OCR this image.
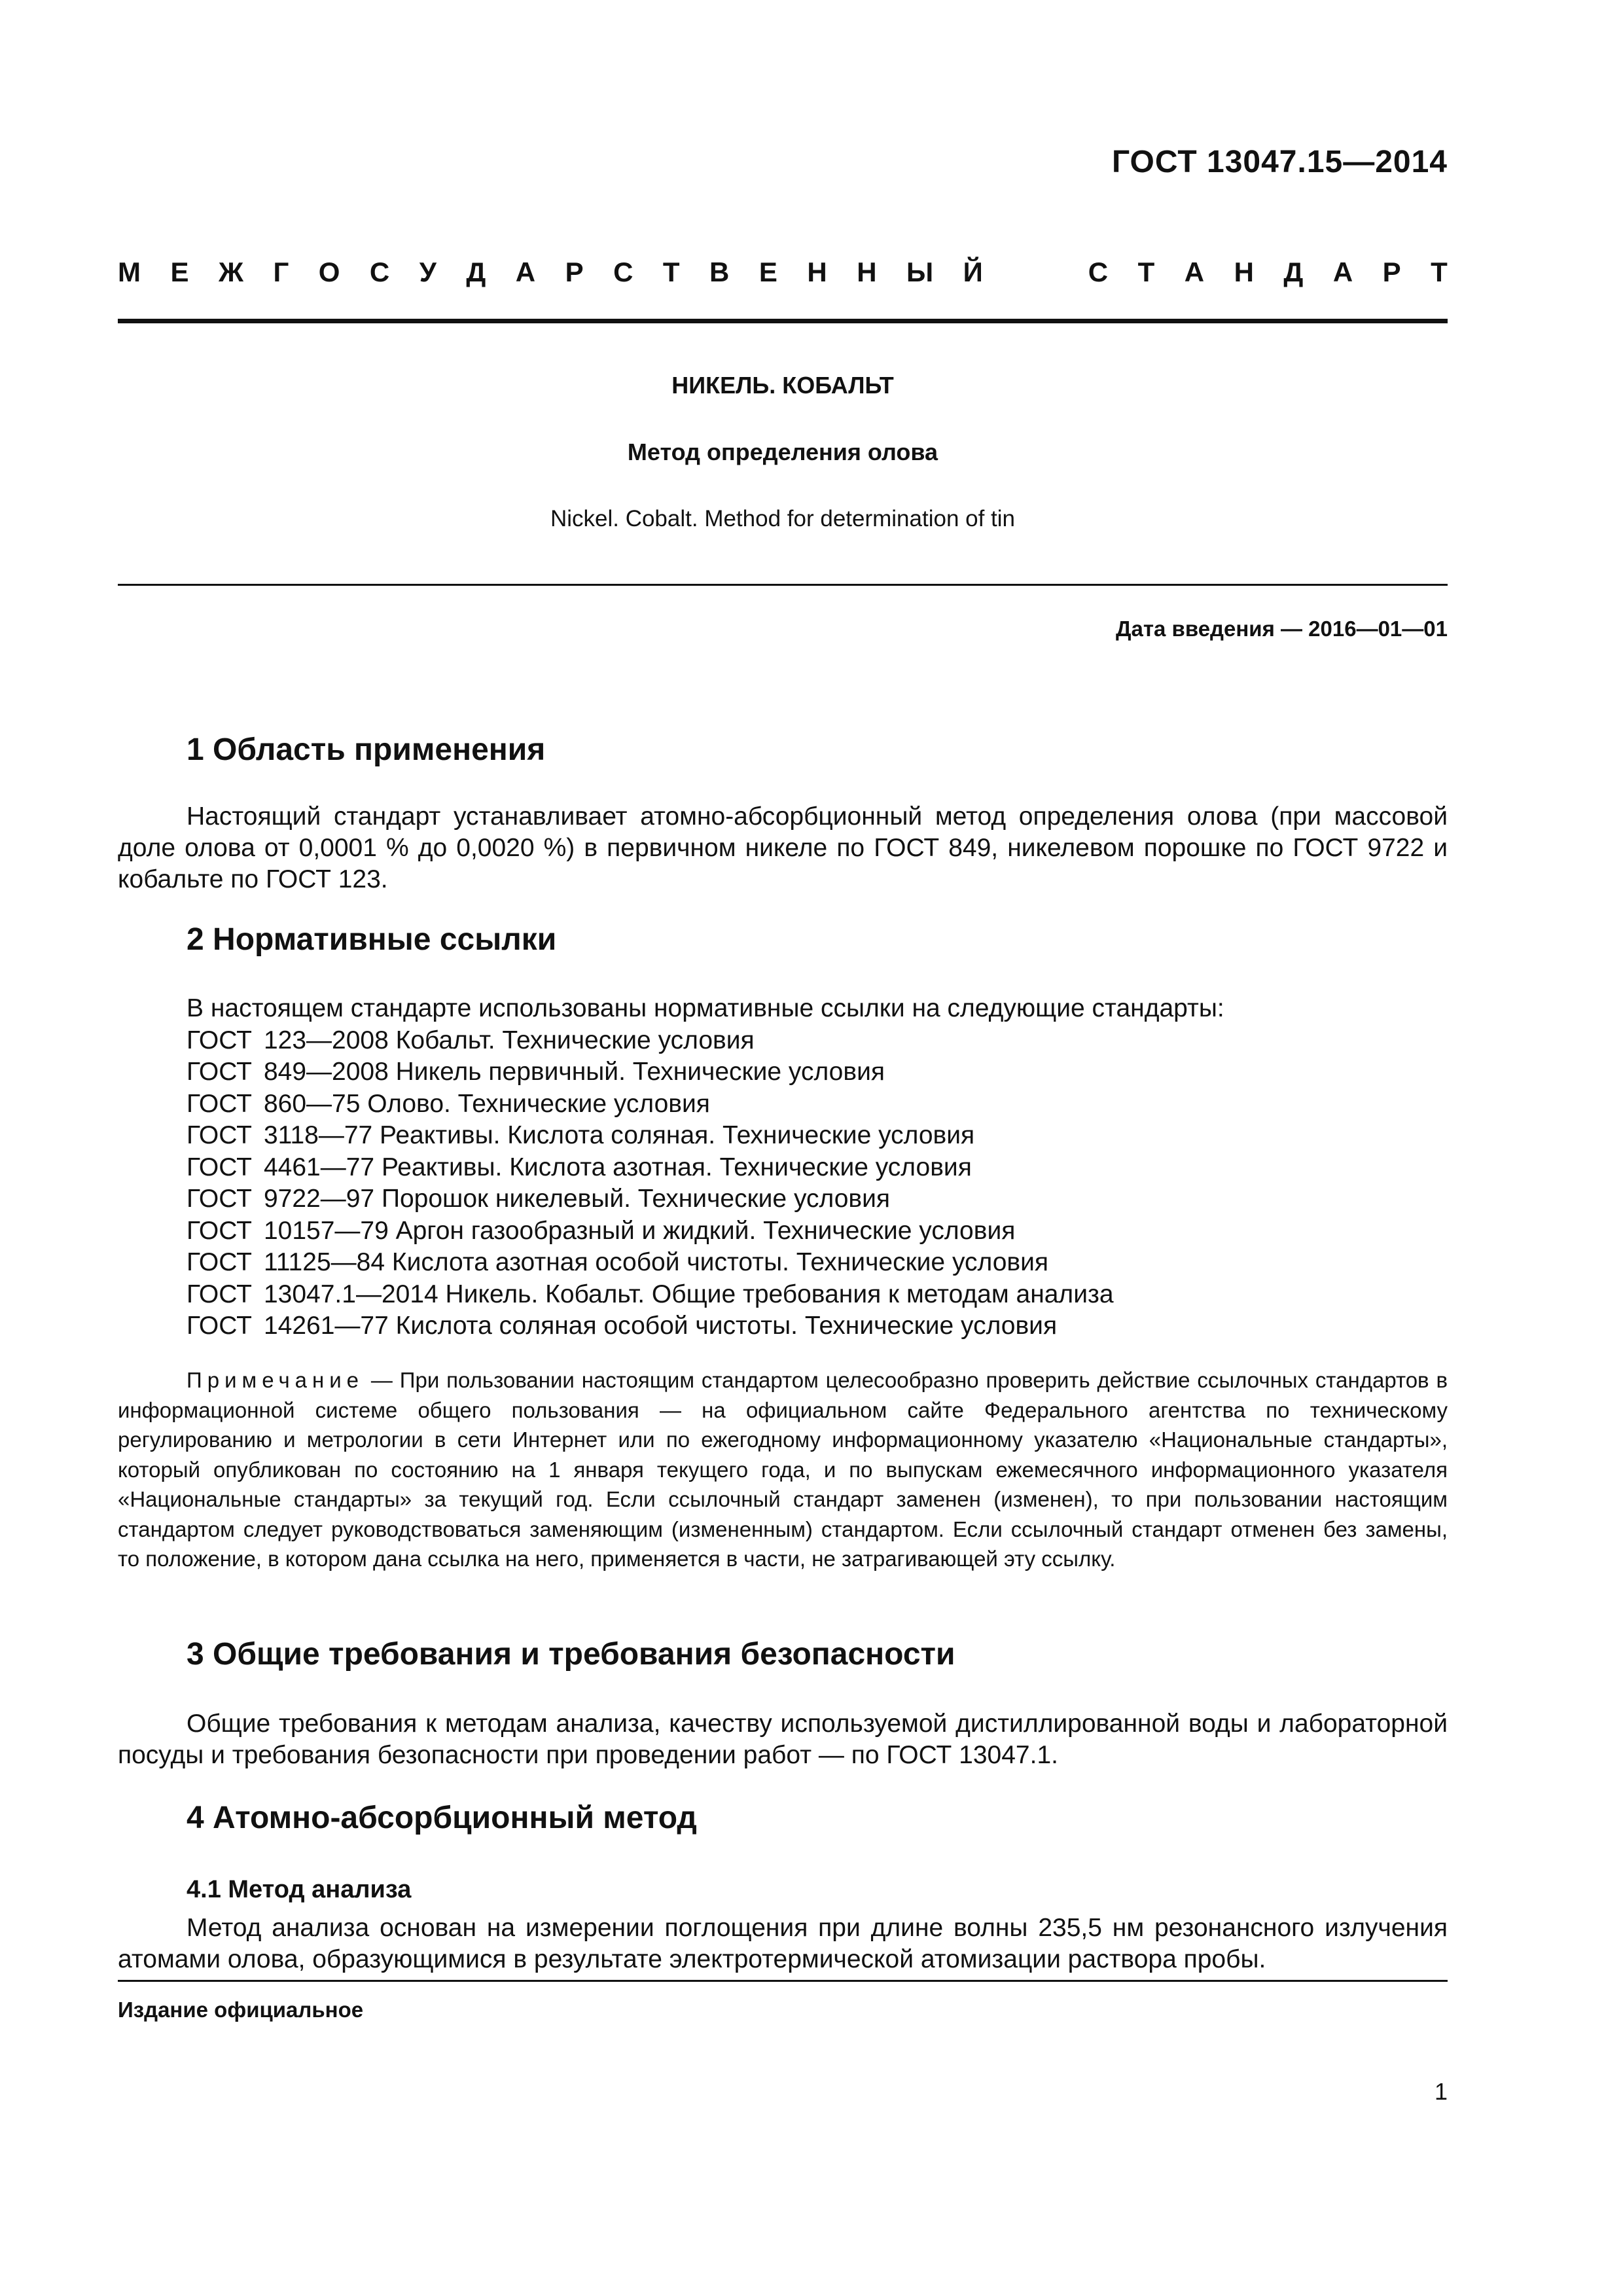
ГОСТ 13047.15—2014
М Е Ж Г О С У Д А Р С Т В Е Н Н Ы Й	С Т А Н Д А Р Т
НИКЕЛЬ. КОБАЛЬТ
Метод определения олова
Nickel. Cobalt. Method for determination of tin
Дата введения — 2016—01—01
1 Область применения
Настоящий стандарт устанавливает атомно-абсорбционный метод определения олова (при массовой доле олова от 0,0001 % до 0,0020 %) в первичном никеле по ГОСТ 849, никелевом порошке по ГОСТ 9722 и кобальте по ГОСТ 123.
2 Нормативные ссылки
В настоящем стандарте использованы нормативные ссылки на следующие стандарты:
ГОСТ 123—2008 Кобальт. Технические условия
ГОСТ 849—2008 Никель первичный. Технические условия
ГОСТ 860—75 Олово. Технические условия
ГОСТ 3118—77 Реактивы. Кислота соляная. Технические условия
ГОСТ 4461—77 Реактивы. Кислота азотная. Технические условия
ГОСТ 9722—97 Порошок никелевый. Технические условия
ГОСТ 10157—79 Аргон газообразный и жидкий. Технические условия
ГОСТ 11125—84 Кислота азотная особой чистоты. Технические условия
ГОСТ 13047.1—2014 Никель. Кобальт. Общие требования к методам анализа
ГОСТ 14261—77 Кислота соляная особой чистоты. Технические условия
Примечание — При пользовании настоящим стандартом целесообразно проверить действие ссылочных стандартов в информационной системе общего пользования — на официальном сайте Федерального агентства по техническому регулированию и метрологии в сети Интернет или по ежегодному информационному указателю «Национальные стандарты», который опубликован по состоянию на 1 января текущего года, и по выпускам ежемесячного информационного указателя «Национальные стандарты» за текущий год. Если ссылочный стандарт заменен (изменен), то при пользовании настоящим стандартом следует руководствоваться заменяющим (измененным) стандартом. Если ссылочный стандарт отменен без замены, то положение, в котором дана ссылка на него, применяется в части, не затрагивающей эту ссылку.
3 Общие требования и требования безопасности
Общие требования к методам анализа, качеству используемой дистиллированной воды и лабораторной посуды и требования безопасности при проведении работ — по ГОСТ 13047.1.
4 Атомно-абсорбционный метод
4.1 Метод анализа
Метод анализа основан на измерении поглощения при длине волны 235,5 нм резонансного излучения атомами олова, образующимися в результате электротермической атомизации раствора пробы.
Издание официальное
1
